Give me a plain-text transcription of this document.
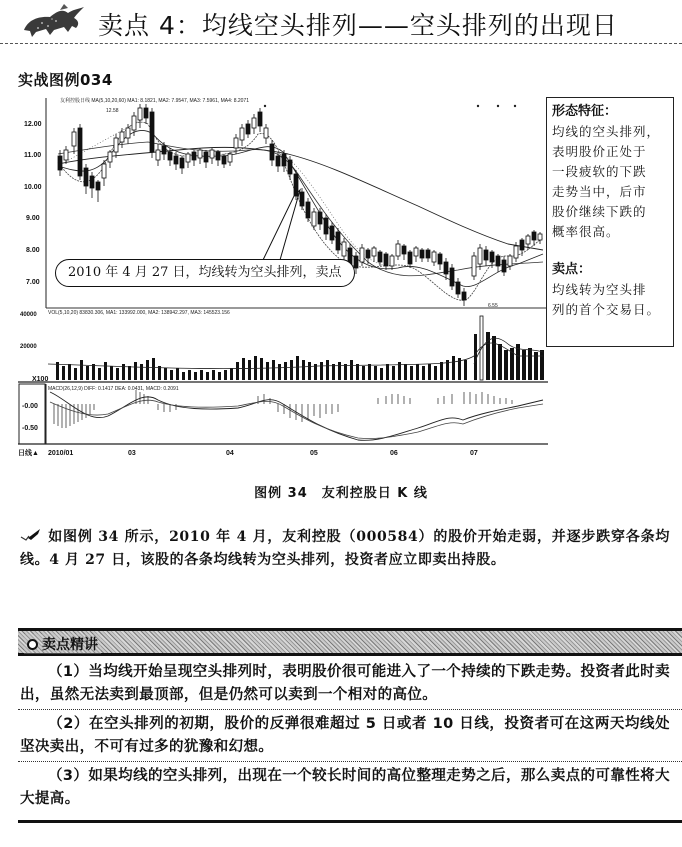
卖点 4：均线空头排列——空头排列的出现日
实战图例034
12.00
11.00
10.00
9.00
8.00
7.00
友利控股日线 MA(5,10,20,60) MA1: 8.1821, MA2: 7.9547, MA3: 7.5961, MA4: 8.2071
12.58
6.55
40000
20000
VOL(5,10,20) 83830.306, MA1: 133992.000, MA2: 138942.297, MA3: 145523.156
X100
MACD(26,12,9) DIFF: 0.1417 DEA: 0.0431, MACD: 0.2091
-0.00
-0.50
日线▲ 2010/01	03	04	05	06	07
2010 年 4 月 27 日，均线转为空头排列，卖点
形态特征：
均线的空头排列，
表明股价正处于
一段疲软的下跌
走势当中，后市
股价继续下跌的
概率很高。
卖点：
均线转为空头排
列的首个交易日。
图例 34　友利控股日 K 线
如图例 34 所示，2010 年 4 月，友利控股（000584）的股价开始走弱，并逐步跌穿各条均线。4 月 27 日，该股的各条均线转为空头排列，投资者应立即卖出持股。
卖点精讲
（1）当均线开始呈现空头排列时，表明股价很可能进入了一个持续的下跌走势。投资者此时卖出，虽然无法卖到最顶部，但是仍然可以卖到一个相对的高位。
（2）在空头排列的初期，股价的反弹很难超过 5 日或者 10 日线，投资者可在这两天均线处坚决卖出，不可有过多的犹豫和幻想。
（3）如果均线的空头排列，出现在一个较长时间的高位整理走势之后，那么卖点的可靠性将大大提高。
